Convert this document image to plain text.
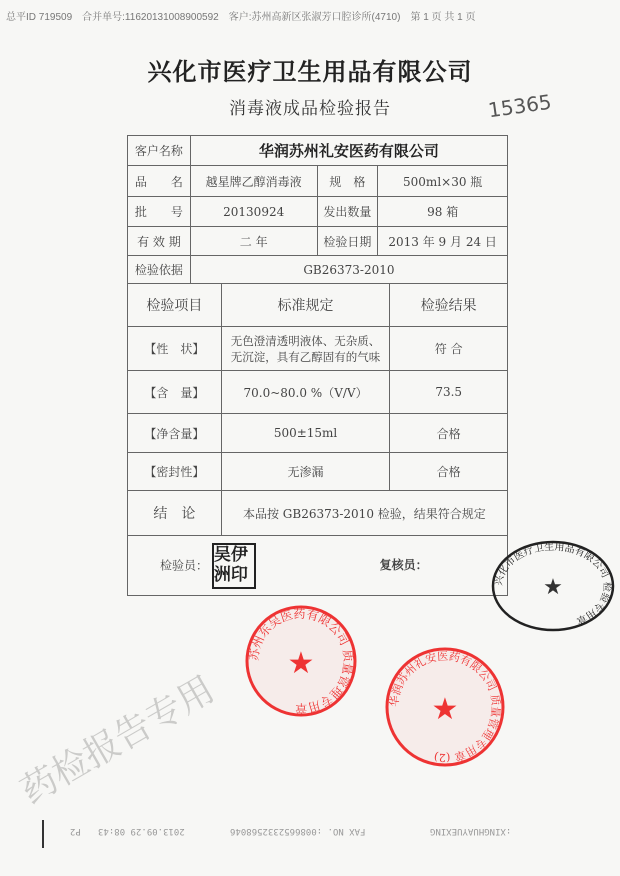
总平ID 719509 合并单号:11620131008900592 客户:苏州高新区张淑芳口腔诊所(4710) 第 1 页 共 1 页
兴化市医疗卫生用品有限公司
消毒液成品检验报告	15365
药检报告专用
客户名称	华润苏州礼安医药有限公司		
品　　名	越星牌乙醇消毒液	规　格	500ml×30 瓶
批　　号	20130924	发出数量	98 箱
有 效 期	二 年	检验日期	2013 年 9 月 24 日
检验依据	GB26373-2010		
检验项目	标准规定	检验结果
【性　状】	无色澄清透明液体、无杂质、无沉淀，具有乙醇固有的气味	符 合
【含　量】	70.0~80.0 %（V/V）	73.5
【净含量】	500±15ml	合格
【密封性】	无渗漏	合格
结　论	本品按 GB26373-2010 检验，结果符合规定	
检验员： 吴伊洲印 复核员：		
兴化市医疗卫生用品有限公司 检验专用章
★
苏州东吴医药有限公司 质量管理专用章
★
华润苏州礼安医药有限公司 质量管理专用章 (2)
★
P2 2013.09.29 08:43	FAX NO. :0086652332568046	:XINGHUAYUEXING
